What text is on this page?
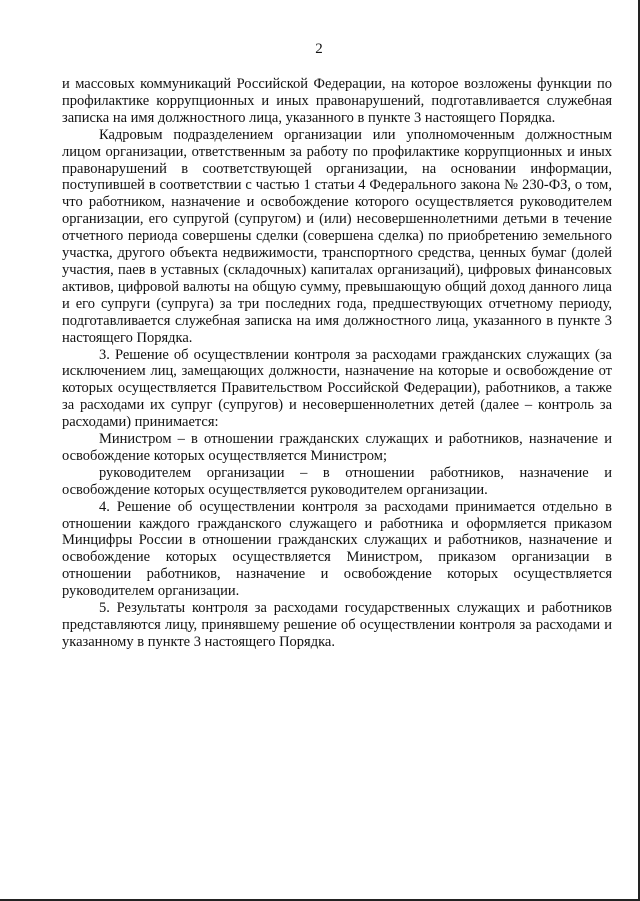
2

и массовых коммуникаций Российской Федерации, на которое возложены функции по профилактике коррупционных и иных правонарушений, подготавливается служебная записка на имя должностного лица, указанного в пункте 3 настоящего Порядка.

Кадровым подразделением организации или уполномоченным должностным лицом организации, ответственным за работу по профилактике коррупционных и иных правонарушений в соответствующей организации, на основании информации, поступившей в соответствии с частью 1 статьи 4 Федерального закона № 230-ФЗ, о том, что работником, назначение и освобождение которого осуществляется руководителем организации, его супругой (супругом) и (или) несовершеннолетними детьми в течение отчетного периода совершены сделки (совершена сделка) по приобретению земельного участка, другого объекта недвижимости, транспортного средства, ценных бумаг (долей участия, паев в уставных (складочных) капиталах организаций), цифровых финансовых активов, цифровой валюты на общую сумму, превышающую общий доход данного лица и его супруги (супруга) за три последних года, предшествующих отчетному периоду, подготавливается служебная записка на имя должностного лица, указанного в пункте 3 настоящего Порядка.

3. Решение об осуществлении контроля за расходами гражданских служащих (за исключением лиц, замещающих должности, назначение на которые и освобождение от которых осуществляется Правительством Российской Федерации), работников, а также за расходами их супруг (супругов) и несовершеннолетних детей (далее – контроль за расходами) принимается:

Министром – в отношении гражданских служащих и работников, назначение и освобождение которых осуществляется Министром;

руководителем организации – в отношении работников, назначение и освобождение которых осуществляется руководителем организации.

4. Решение об осуществлении контроля за расходами принимается отдельно в отношении каждого гражданского служащего и работника и оформляется приказом Минцифры России в отношении гражданских служащих и работников, назначение и освобождение которых осуществляется Министром, приказом организации в отношении работников, назначение и освобождение которых осуществляется руководителем организации.

5. Результаты контроля за расходами государственных служащих и работников представляются лицу, принявшему решение об осуществлении контроля за расходами и указанному в пункте 3 настоящего Порядка.
